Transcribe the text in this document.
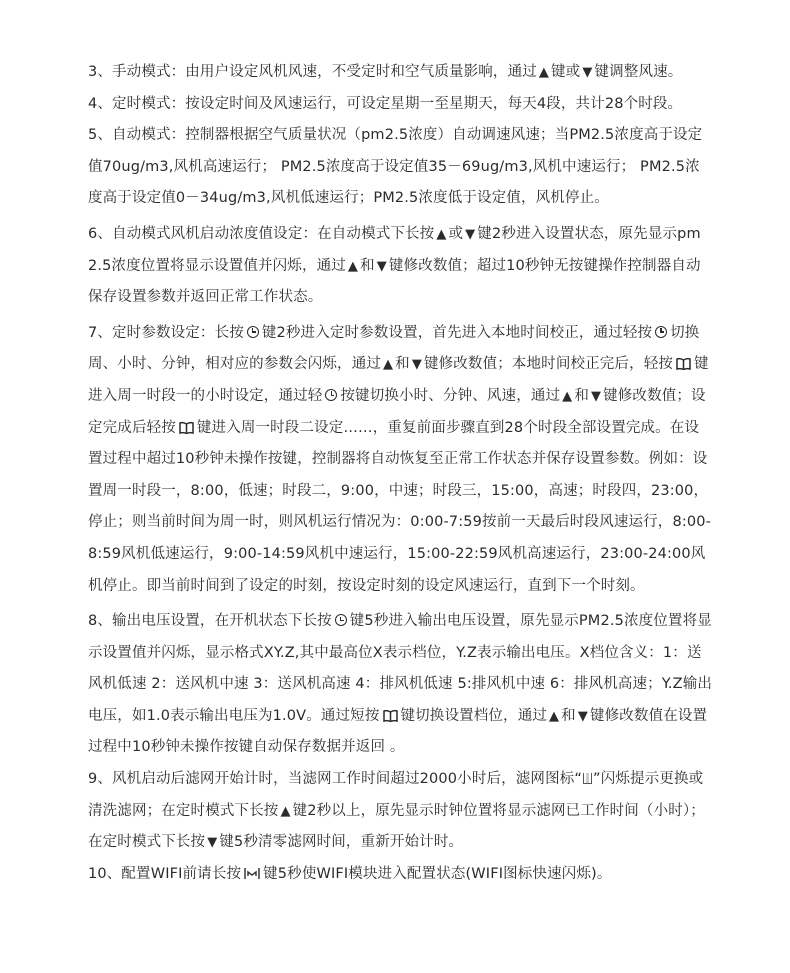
3、手动模式：由用户设定风机风速，不受定时和空气质量影响，通过 ▲ 键或 ▼ 键调整风速。

4、定时模式：按设定时间及风速运行，可设定星期一至星期天，每天4段，共计28个时段。

5、自动模式：控制器根据空气质量状况（pm2.5浓度）自动调速风速；当PM2.5浓度高于设定值70ug/m3,风机高速运行； PM2.5浓度高于设定值35－69ug/m3,风机中速运行； PM2.5浓度高于设定值0－34ug/m3,风机低速运行；PM2.5浓度低于设定值，风机停止。

6、自动模式风机启动浓度值设定：在自动模式下长按 ▲ 或 ▼ 键2秒进入设置状态，原先显示pm2.5浓度位置将显示设置值并闪烁，通过 ▲ 和 ▼ 键修改数值；超过10秒钟无按键操作控制器自动保存设置参数并返回正常工作状态。

7、定时参数设定：长按 键2秒进入定时参数设置，首先进入本地时间校正，通过轻按 切换周、小时、分钟，相对应的参数会闪烁，通过 ▲ 和 ▼ 键修改数值；本地时间校正完后，轻按 键进入周一时段一的小时设定，通过轻 按键切换小时、分钟、风速，通过 ▲ 和 ▼ 键修改数值；设定完成后轻按 键进入周一时段二设定……，重复前面步骤直到28个时段全部设置完成。在设置过程中超过10秒钟未操作按键，控制器将自动恢复至正常工作状态并保存设置参数。例如：设置周一时段一，8:00，低速；时段二，9:00，中速；时段三，15:00，高速；时段四，23:00，停止；则当前时间为周一时，则风机运行情况为：0:00-7:59按前一天最后时段风速运行，8:00-8:59风机低速运行，9:00-14:59风机中速运行，15:00-22:59风机高速运行，23:00-24:00风机停止。即当前时间到了设定的时刻，按设定时刻的设定风速运行，直到下一个时刻。

8、输出电压设置，在开机状态下长按 键5秒进入输出电压设置，原先显示PM2.5浓度位置将显示设置值并闪烁，显示格式XY.Z,其中最高位X表示档位，Y.Z表示输出电压。X档位含义：1：送风机低速 2：送风机中速 3：送风机高速 4：排风机低速 5:排风机中速 6：排风机高速；Y.Z输出电压，如1.0表示输出电压为1.0V。通过短按 键切换设置档位，通过 ▲ 和 ▼ 键修改数值在设置过程中10秒钟未操作按键自动保存数据并返回 。

9、风机启动后滤网开始计时，当滤网工作时间超过2000小时后，滤网图标“ ”闪烁提示更换或清洗滤网；在定时模式下长按 ▲ 键2秒以上，原先显示时钟位置将显示滤网已工作时间（小时）；在定时模式下长按 ▼ 键5秒清零滤网时间，重新开始计时。

10、配置WIFI前请长按 键5秒使WIFI模块进入配置状态(WIFI图标快速闪烁)。
